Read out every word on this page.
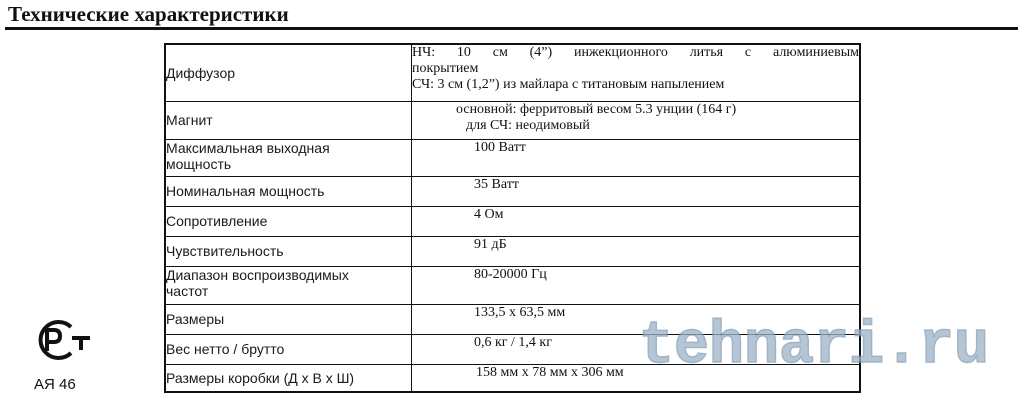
Технические характеристики
Диффузор	НЧ: 10 см (4”) инжекционного литья с алюминиевым
покрытием
СЧ: 3 см (1,2”) из майлара с титановым напылением

Магнит	основной: ферритовый весом 5.3 унции (164 г)
для СЧ: неодимовый

Максимальная выходная
мощность	100 Ватт

Номинальная мощность	35 Ватт

Сопротивление	4 Ом

Чувствительность	91 дБ

Диапазон воспроизводимых
частот	80-20000 Гц

Размеры	133,5 x 63,5 мм

Вес нетто / брутто	0,6 кг / 1,4 кг

Размеры коробки (Д x В x Ш)	158 мм x 78 мм x 306 мм
АЯ 46
tehnari.ru
